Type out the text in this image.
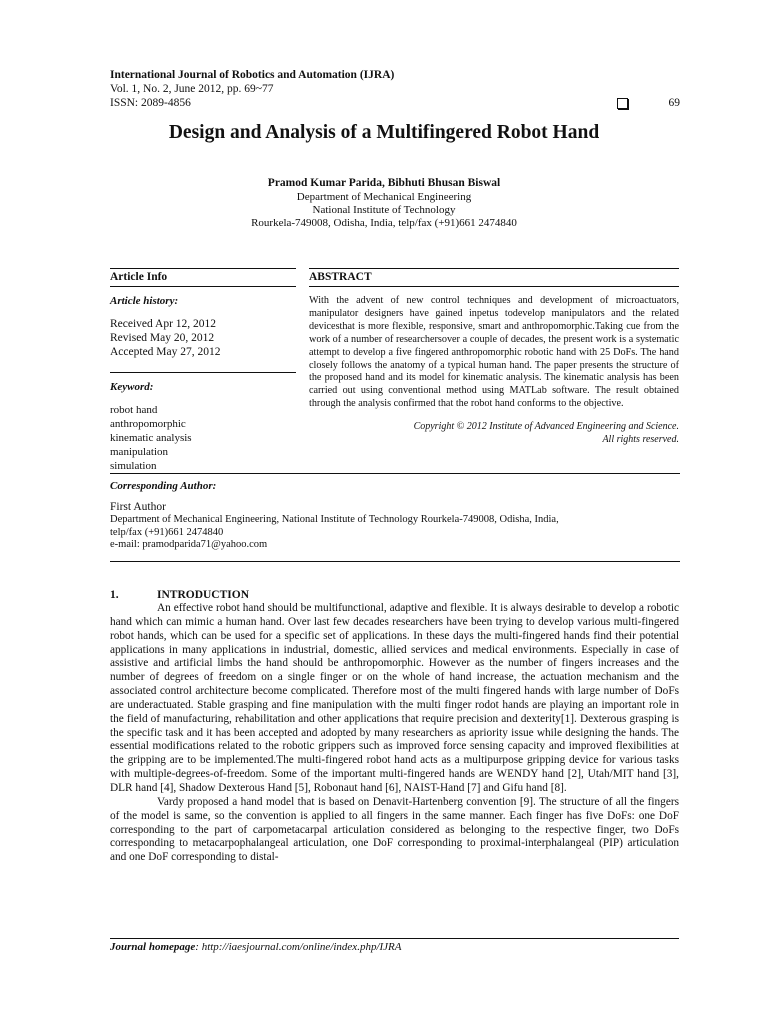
International Journal of Robotics and Automation (IJRA)
Vol. 1, No. 2, June 2012, pp. 69~77
ISSN: 2089-4856	69
Design and Analysis of a Multifingered Robot Hand
Pramod Kumar Parida, Bibhuti Bhusan Biswal
Department of Mechanical Engineering
National Institute of Technology
Rourkela-749008, Odisha, India, telp/fax (+91)661 2474840
Article Info
Article history:
Received Apr 12, 2012
Revised May 20, 2012
Accepted May 27, 2012
Keyword:
robot hand
anthropomorphic
kinematic analysis
manipulation
simulation
ABSTRACT
With the advent of new control techniques and development of microactuators, manipulator designers have gained inpetus todevelop manipulators and the related devicesthat is more flexible, responsive, smart and anthropomorphic.Taking cue from the work of a number of researchersover a couple of decades, the present work is a systematic attempt to develop a five fingered anthropomorphic robotic hand with 25 DoFs. The hand closely follows the anatomy of a typical human hand. The paper presents the structure of the proposed hand and its model for kinematic analysis. The kinematic analysis has been carried out using conventional method using MATLab software. The result obtained through the analysis confirmed that the robot hand conforms to the objective.
Copyright © 2012 Institute of Advanced Engineering and Science.
All rights reserved.
Corresponding Author:
First Author
Department of Mechanical Engineering, National Institute of Technology Rourkela-749008, Odisha, India,
telp/fax (+91)661 2474840
e-mail: pramodparida71@yahoo.com
1.	INTRODUCTION

An effective robot hand should be multifunctional, adaptive and flexible. It is always desirable to develop a robotic hand which can mimic a human hand. Over last few decades researchers have been trying to develop various multi-fingered robot hands, which can be used for a specific set of applications. In these days the multi-fingered hands find their potential applications in many applications in industrial, domestic, allied services and medical environments. Especially in case of assistive and artificial limbs the hand should be anthropomorphic. However as the number of fingers increases and the number of degrees of freedom on a single finger or on the whole of hand increase, the actuation mechanism and the associated control architecture become complicated. Therefore most of the multi fingered hands with large number of DoFs are underactuated. Stable grasping and fine manipulation with the multi finger rodot hands are playing an important role in the field of manufacturing, rehabilitation and other applications that require precision and dexterity[1]. Dexterous grasping is the specific task and it has been accepted and adopted by many researchers as apriority issue while designing the hands. The essential modifications related to the robotic grippers such as improved force sensing capacity and improved flexibilities at the gripping are to be implemented.The multi-fingered robot hand acts as a multipurpose gripping device for various tasks with multiple-degrees-of-freedom. Some of the important multi-fingered hands are WENDY hand [2], Utah/MIT hand [3], DLR hand [4], Shadow Dexterous Hand [5], Robonaut hand [6], NAIST-Hand [7] and Gifu hand [8].

Vardy proposed a hand model that is based on Denavit-Hartenberg convention [9]. The structure of all the fingers of the model is same, so the convention is applied to all fingers in the same manner. Each finger has five DoFs: one DoF corresponding to the part of carpometacarpal articulation considered as belonging to the respective finger, two DoFs corresponding to metacarpophalangeal articulation, one DoF corresponding to proximal-interphalangeal (PIP) articulation and one DoF corresponding to distal-

Journal homepage: http://iaesjournal.com/online/index.php/IJRA
